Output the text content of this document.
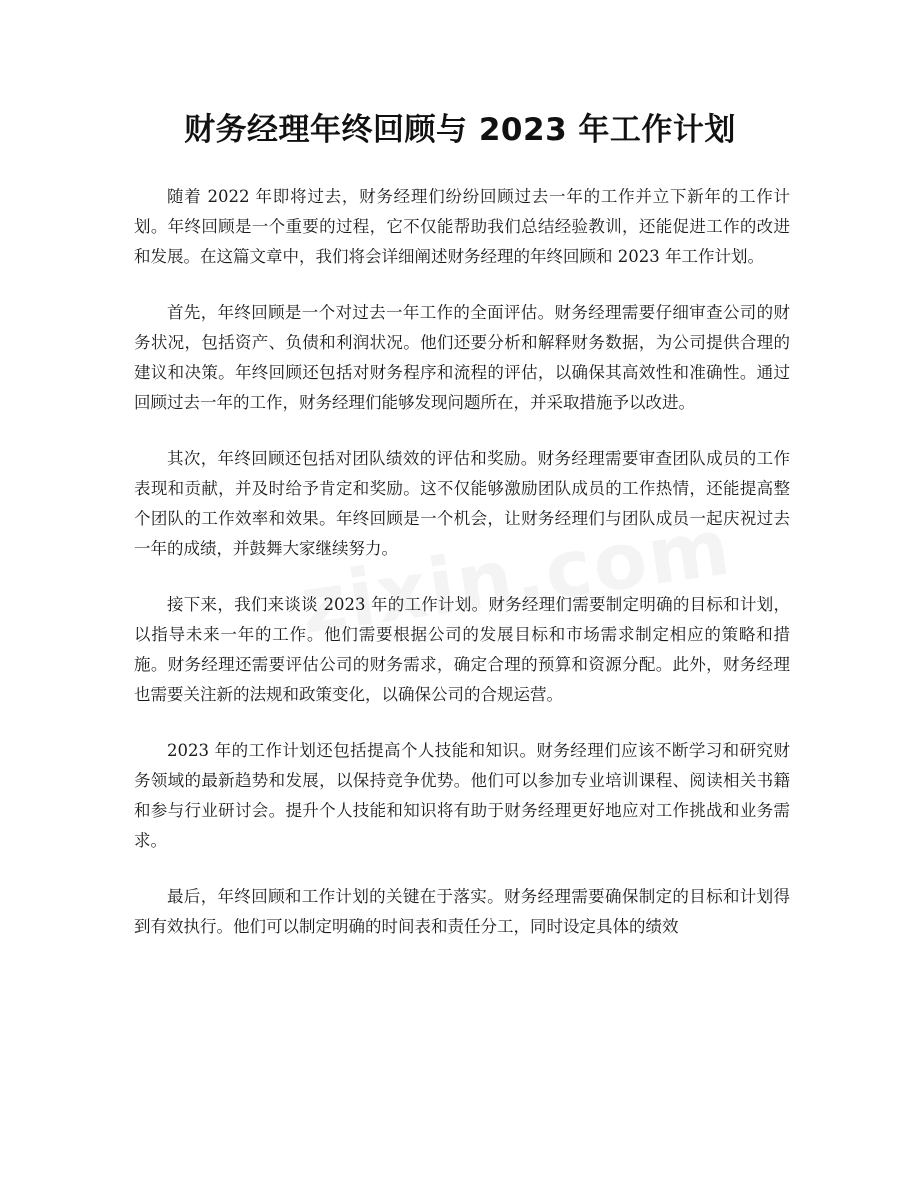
财务经理年终回顾与 2023 年工作计划

随着 2022 年即将过去，财务经理们纷纷回顾过去一年的工作并立下新年的工作计划。年终回顾是一个重要的过程，它不仅能帮助我们总结经验教训，还能促进工作的改进和发展。在这篇文章中，我们将会详细阐述财务经理的年终回顾和 2023 年工作计划。

首先，年终回顾是一个对过去一年工作的全面评估。财务经理需要仔细审查公司的财务状况，包括资产、负债和利润状况。他们还要分析和解释财务数据，为公司提供合理的建议和决策。年终回顾还包括对财务程序和流程的评估，以确保其高效性和准确性。通过回顾过去一年的工作，财务经理们能够发现问题所在，并采取措施予以改进。

其次，年终回顾还包括对团队绩效的评估和奖励。财务经理需要审查团队成员的工作表现和贡献，并及时给予肯定和奖励。这不仅能够激励团队成员的工作热情，还能提高整个团队的工作效率和效果。年终回顾是一个机会，让财务经理们与团队成员一起庆祝过去一年的成绩，并鼓舞大家继续努力。

接下来，我们来谈谈 2023 年的工作计划。财务经理们需要制定明确的目标和计划，以指导未来一年的工作。他们需要根据公司的发展目标和市场需求制定相应的策略和措施。财务经理还需要评估公司的财务需求，确定合理的预算和资源分配。此外，财务经理也需要关注新的法规和政策变化，以确保公司的合规运营。

2023 年的工作计划还包括提高个人技能和知识。财务经理们应该不断学习和研究财务领域的最新趋势和发展，以保持竞争优势。他们可以参加专业培训课程、阅读相关书籍和参与行业研讨会。提升个人技能和知识将有助于财务经理更好地应对工作挑战和业务需求。

最后，年终回顾和工作计划的关键在于落实。财务经理需要确保制定的目标和计划得到有效执行。他们可以制定明确的时间表和责任分工，同时设定具体的绩效
